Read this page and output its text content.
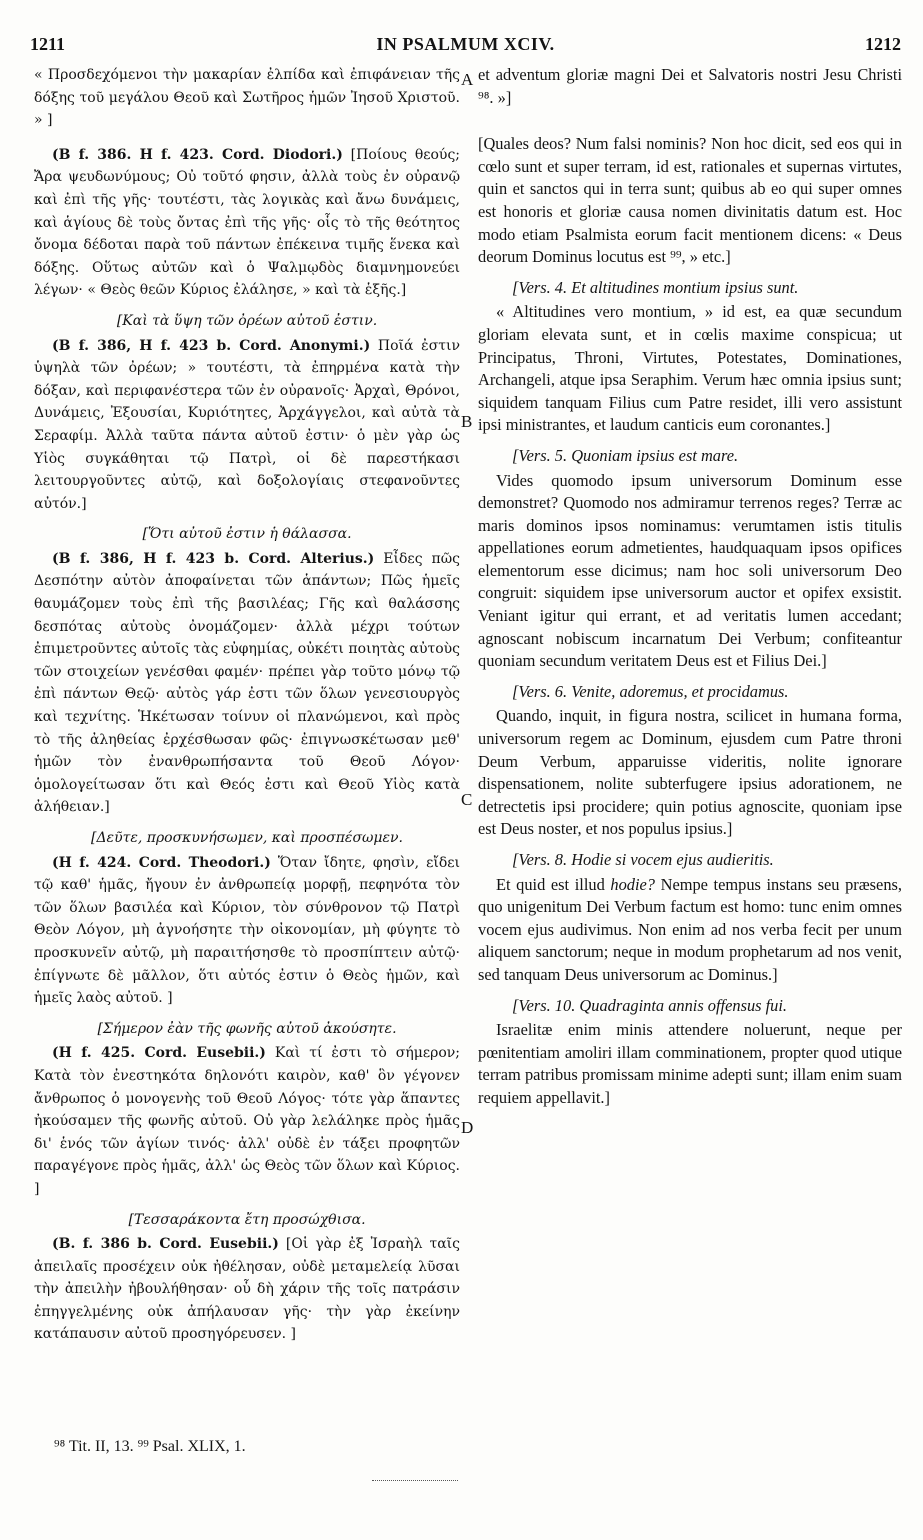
1211	IN PSALMUM XCIV.	1212
A
B
C
D

« Προσδεχόμενοι τὴν μακαρίαν ἐλπίδα καὶ ἐπιφάνειαν τῆς δόξης τοῦ μεγάλου Θεοῦ καὶ Σωτῆρος ἡμῶν Ἰησοῦ Χριστοῦ. » ]

(B f. 386. H f. 423. Cord. Diodori.) [Ποίους θεούς; Ἄρα ψευδωνύμους; Οὐ τοῦτό φησιν, ἀλλὰ τοὺς ἐν οὐρανῷ καὶ ἐπὶ τῆς γῆς· τουτέστι, τὰς λογικὰς καὶ ἄνω δυνάμεις, καὶ ἁγίους δὲ τοὺς ὄντας ἐπὶ τῆς γῆς· οἷς τὸ τῆς θεότητος ὄνομα δέδοται παρὰ τοῦ πάντων ἐπέκεινα τιμῆς ἕνεκα καὶ δόξης. Οὕτως αὐτῶν καὶ ὁ Ψαλμῳδὸς διαμνημονεύει λέγων· « Θεὸς θεῶν Κύριος ἐλάλησε, » καὶ τὰ ἑξῆς.]

[Καὶ τὰ ὕψη τῶν ὀρέων αὐτοῦ ἐστιν.

(B f. 386, H f. 423 b. Cord. Anonymi.) Ποῖά ἐστιν ὑψηλὰ τῶν ὀρέων; » τουτέστι, τὰ ἐπηρμένα κατὰ τὴν δόξαν, καὶ περιφανέστερα τῶν ἐν οὐρανοῖς· Ἀρχαὶ, Θρόνοι, Δυνάμεις, Ἐξουσίαι, Κυριότητες, Ἀρχάγγελοι, καὶ αὐτὰ τὰ Σεραφίμ. Ἀλλὰ ταῦτα πάντα αὐτοῦ ἐστιν· ὁ μὲν γὰρ ὡς Υἱὸς συγκάθηται τῷ Πατρὶ, οἱ δὲ παρεστήκασι λειτουργοῦντες αὐτῷ, καὶ δοξολογίαις στεφανοῦντες αὐτόν.]

[Ὅτι αὐτοῦ ἐστιν ἡ θάλασσα.

(B f. 386, H f. 423 b. Cord. Alterius.) Εἶδες πῶς Δεσπότην αὐτὸν ἀποφαίνεται τῶν ἁπάντων; Πῶς ἡμεῖς θαυμάζομεν τοὺς ἐπὶ τῆς βασιλέας; Γῆς καὶ θαλάσσης δεσπότας αὐτοὺς ὀνομάζομεν· ἀλλὰ μέχρι τούτων ἐπιμετροῦντες αὐτοῖς τὰς εὐφημίας, οὐκέτι ποιητὰς αὐτοὺς τῶν στοιχείων γενέσθαι φαμέν· πρέπει γὰρ τοῦτο μόνῳ τῷ ἐπὶ πάντων Θεῷ· αὐτὸς γάρ ἐστι τῶν ὅλων γενεσιουργὸς καὶ τεχνίτης. Ἡκέτωσαν τοίνυν οἱ πλανώμενοι, καὶ πρὸς τὸ τῆς ἀληθείας ἐρχέσθωσαν φῶς· ἐπιγνωσκέτωσαν μεθ' ἡμῶν τὸν ἐνανθρωπήσαντα τοῦ Θεοῦ Λόγον· ὁμολογείτωσαν ὅτι καὶ Θεός ἐστι καὶ Θεοῦ Υἱὸς κατὰ ἀλήθειαν.]

[Δεῦτε, προσκυνήσωμεν, καὶ προσπέσωμεν.

(H f. 424. Cord. Theodori.) Ὅταν ἴδητε, φησὶν, εἴδει τῷ καθ' ἡμᾶς, ἤγουν ἐν ἀνθρωπείᾳ μορφῇ, πεφηνότα τὸν τῶν ὅλων βασιλέα καὶ Κύριον, τὸν σύνθρονον τῷ Πατρὶ Θεὸν Λόγον, μὴ ἀγνοήσητε τὴν οἰκονομίαν, μὴ φύγητε τὸ προσκυνεῖν αὐτῷ, μὴ παραιτήσησθε τὸ προσπίπτειν αὐτῷ· ἐπίγνωτε δὲ μᾶλλον, ὅτι αὐτός ἐστιν ὁ Θεὸς ἡμῶν, καὶ ἡμεῖς λαὸς αὐτοῦ. ]

[Σήμερον ἐὰν τῆς φωνῆς αὐτοῦ ἀκούσητε.

(H f. 425. Cord. Eusebii.) Καὶ τί ἐστι τὸ σήμερον; Κατὰ τὸν ἐνεστηκότα δηλονότι καιρὸν, καθ' ὃν γέγονεν ἄνθρωπος ὁ μονογενὴς τοῦ Θεοῦ Λόγος· τότε γὰρ ἅπαντες ἠκούσαμεν τῆς φωνῆς αὐτοῦ. Οὐ γὰρ λελάληκε πρὸς ἡμᾶς δι' ἑνός τῶν ἁγίων τινός· ἀλλ' οὐδὲ ἐν τάξει προφητῶν παραγέγονε πρὸς ἡμᾶς, ἀλλ' ὡς Θεὸς τῶν ὅλων καὶ Κύριος. ]

[Τεσσαράκοντα ἔτη προσώχθισα.

(B. f. 386 b. Cord. Eusebii.) [Οἱ γὰρ ἐξ Ἰσραὴλ ταῖς ἀπειλαῖς προσέχειν οὐκ ἠθέλησαν, οὐδὲ μεταμελείᾳ λῦσαι τὴν ἀπειλὴν ἠβουλήθησαν· οὗ δὴ χάριν τῆς τοῖς πατράσιν ἐπηγγελμένης οὐκ ἀπήλαυσαν γῆς· τὴν γὰρ ἐκείνην κατάπαυσιν αὐτοῦ προσηγόρευσεν. ]

et adventum gloriæ magni Dei et Salvatoris nostri Jesu Christi ⁹⁸. »]

[Quales deos? Num falsi nominis? Non hoc dicit, sed eos qui in cœlo sunt et super terram, id est, rationales et supernas virtutes, quin et sanctos qui in terra sunt; quibus ab eo qui super omnes est honoris et gloriæ causa nomen divinitatis datum est. Hoc modo etiam Psalmista eorum facit mentionem dicens: « Deus deorum Dominus locutus est ⁹⁹, » etc.]

[Vers. 4. Et altitudines montium ipsius sunt.

« Altitudines vero montium, » id est, ea quæ secundum gloriam elevata sunt, et in cœlis maxime conspicua; ut Principatus, Throni, Virtutes, Potestates, Dominationes, Archangeli, atque ipsa Seraphim. Verum hæc omnia ipsius sunt; siquidem tanquam Filius cum Patre residet, illi vero assistunt ipsi ministrantes, et laudum canticis eum coronantes.]

[Vers. 5. Quoniam ipsius est mare.

Vides quomodo ipsum universorum Dominum esse demonstret? Quomodo nos admiramur terrenos reges? Terræ ac maris dominos ipsos nominamus: verumtamen istis titulis appellationes eorum admetientes, haudquaquam ipsos opifices elementorum esse dicimus; nam hoc soli universorum Deo congruit: siquidem ipse universorum auctor et opifex exsistit. Veniant igitur qui errant, et ad veritatis lumen accedant; agnoscant nobiscum incarnatum Dei Verbum; confiteantur quoniam secundum veritatem Deus est et Filius Dei.]

[Vers. 6. Venite, adoremus, et procidamus.

Quando, inquit, in figura nostra, scilicet in humana forma, universorum regem ac Dominum, ejusdem cum Patre throni Deum Verbum, apparuisse videritis, nolite ignorare dispensationem, nolite subterfugere ipsius adorationem, ne detrectetis ipsi procidere; quin potius agnoscite, quoniam ipse est Deus noster, et nos populus ipsius.]

[Vers. 8. Hodie si vocem ejus audieritis.

Et quid est illud hodie? Nempe tempus instans seu præsens, quo unigenitum Dei Verbum factum est homo: tunc enim omnes vocem ejus audivimus. Non enim ad nos verba fecit per unum aliquem sanctorum; neque in modum prophetarum ad nos venit, sed tanquam Deus universorum ac Dominus.]

[Vers. 10. Quadraginta annis offensus fui.

Israelitæ enim minis attendere noluerunt, neque per pœnitentiam amoliri illam comminationem, propter quod utique terram patribus promissam minime adepti sunt; illam enim suam requiem appellavit.]

⁹⁸ Tit. II, 13. ⁹⁹ Psal. XLIX, 1.
